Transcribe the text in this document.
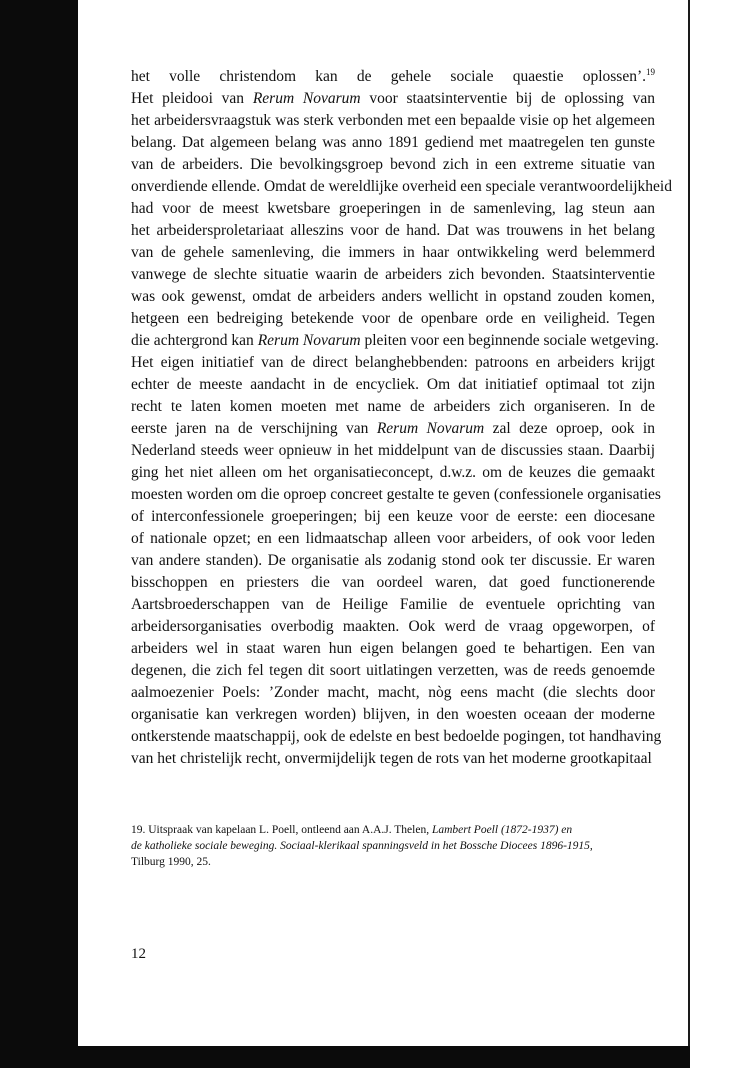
het volle christendom kan de gehele sociale quaestie oplossen’.$^{19}$
Het pleidooi van Rerum Novarum voor staatsinterventie bij de oplossing van
het arbeidersvraagstuk was sterk verbonden met een bepaalde visie op het algemeen
belang. Dat algemeen belang was anno 1891 gediend met maatregelen ten gunste
van de arbeiders. Die bevolkingsgroep bevond zich in een extreme situatie van
onverdiende ellende. Omdat de wereldlijke overheid een speciale verantwoordelijkheid
had voor de meest kwetsbare groeperingen in de samenleving, lag steun aan
het arbeidersproletariaat alleszins voor de hand. Dat was trouwens in het belang
van de gehele samenleving, die immers in haar ontwikkeling werd belemmerd
vanwege de slechte situatie waarin de arbeiders zich bevonden. Staatsinterventie
was ook gewenst, omdat de arbeiders anders wellicht in opstand zouden komen,
hetgeen een bedreiging betekende voor de openbare orde en veiligheid. Tegen
die achtergrond kan Rerum Novarum pleiten voor een beginnende sociale wetgeving.
Het eigen initiatief van de direct belanghebbenden: patroons en arbeiders krijgt
echter de meeste aandacht in de encycliek. Om dat initiatief optimaal tot zijn
recht te laten komen moeten met name de arbeiders zich organiseren. In de
eerste jaren na de verschijning van Rerum Novarum zal deze oproep, ook in
Nederland steeds weer opnieuw in het middelpunt van de discussies staan. Daarbij
ging het niet alleen om het organisatieconcept, d.w.z. om de keuzes die gemaakt
moesten worden om die oproep concreet gestalte te geven (confessionele organisaties
of interconfessionele groeperingen; bij een keuze voor de eerste: een diocesane
of nationale opzet; en een lidmaatschap alleen voor arbeiders, of ook voor leden
van andere standen). De organisatie als zodanig stond ook ter discussie. Er waren
bisschoppen en priesters die van oordeel waren, dat goed functionerende
Aartsbroederschappen van de Heilige Familie de eventuele oprichting van
arbeidersorganisaties overbodig maakten. Ook werd de vraag opgeworpen, of
arbeiders wel in staat waren hun eigen belangen goed te behartigen. Een van
degenen, die zich fel tegen dit soort uitlatingen verzetten, was de reeds genoemde
aalmoezenier Poels: ’Zonder macht, macht, nòg eens macht (die slechts door
organisatie kan verkregen worden) blijven, in den woesten oceaan der moderne
ontkerstende maatschappij, ook de edelste en best bedoelde pogingen, tot handhaving
van het christelijk recht, onvermijdelijk tegen de rots van het moderne grootkapitaal
19. Uitspraak van kapelaan L. Poell, ontleend aan A.A.J. Thelen, Lambert Poell (1872-1937) en
de katholieke sociale beweging. Sociaal-klerikaal spanningsveld in het Bossche Diocees 1896-1915,
Tilburg 1990, 25.
12
